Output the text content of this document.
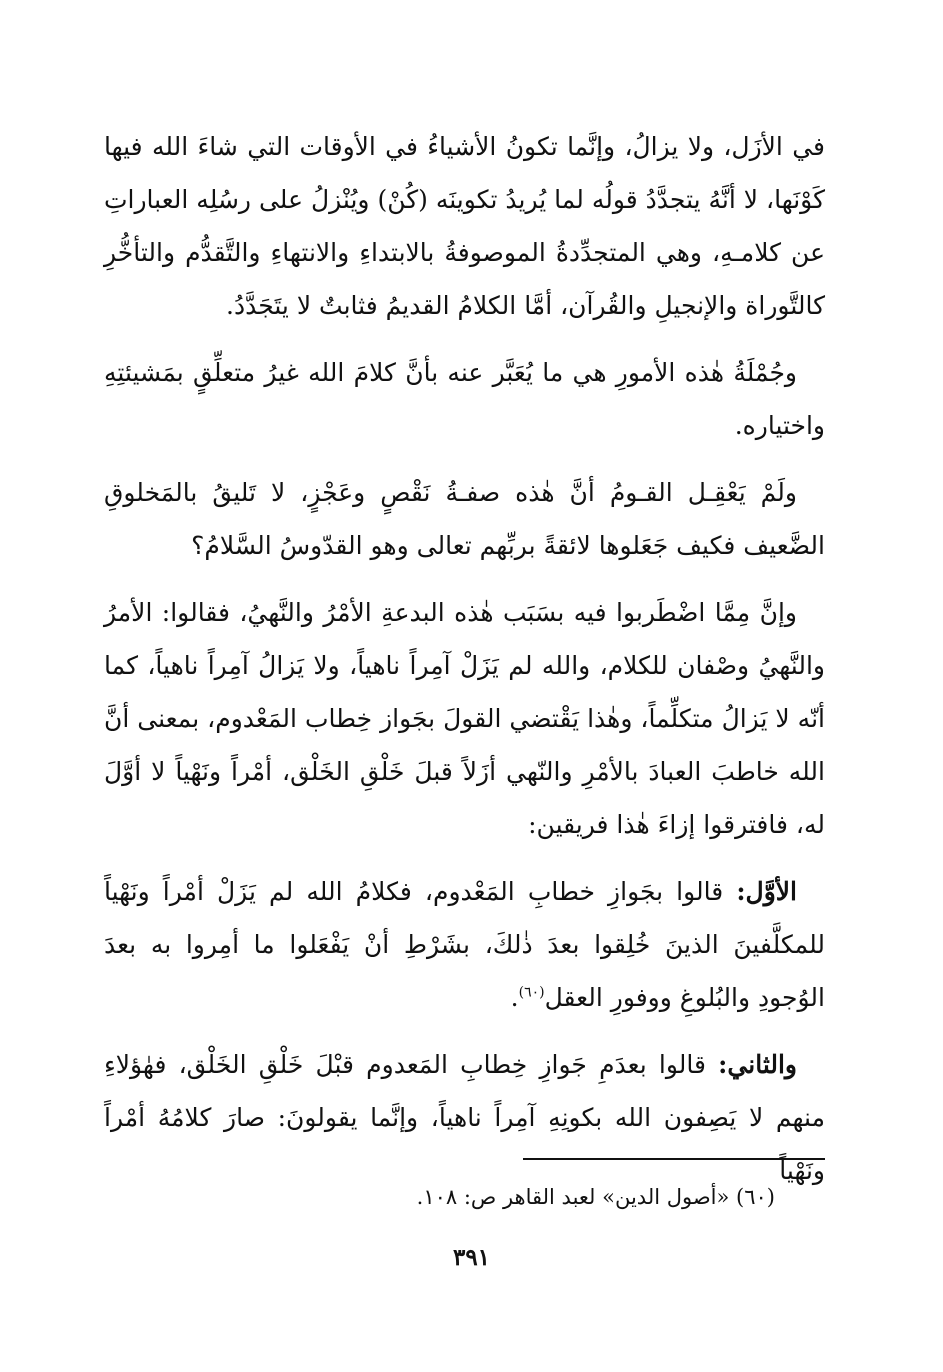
في الأزَل، ولا يزالُ، وإنَّما تكونُ الأشياءُ في الأوقات التي شاءَ الله فيها كَوْنَها، لا أنَّهُ يتجدَّدُ قولُه لما يُريدُ تكوينَه (كُنْ) ويُنْزلُ على رسُلِه العباراتِ عن كلامـهِ، وهي المتجدِّدةُ الموصوفةُ بالابتداءِ والانتهاءِ والتَّقدُّم والتأخُّرِ كالتَّوراة والإنجيلِ والقُرآن، أمَّا الكلامُ القديمُ فثابتٌ لا يتَجَدَّدُ.

وجُمْلَةُ هٰذه الأمورِ هي ما يُعَبَّر عنه بأنَّ كلامَ الله غيرُ متعلِّقٍ بمَشيئتِهِ واختياره.

ولَمْ يَعْقِـل القـومُ أنَّ هٰذه صفـةُ نَقْصٍ وعَجْزٍ، لا تَليقُ بالمَخلوقِ الضَّعيف فكيف جَعَلوها لائقةً بربِّهم تعالى وهو القدّوسُ السَّلامُ؟

وإنَّ مِمَّا اضْطَربوا فيه بسَبَب هٰذه البدعةِ الأمْرُ والنَّهيُ، فقالوا: الأمرُ والنَّهيُ وصْفان للكلام، والله لم يَزَلْ آمِراً ناهياً، ولا يَزالُ آمِراً ناهياً، كما أنّه لا يَزالُ متكلِّماً، وهٰذا يَقْتضي القولَ بجَواز خِطاب المَعْدوم، بمعنى أنَّ الله خاطبَ العبادَ بالأمْرِ والنّهي أزَلاً قبلَ خَلْقِ الخَلْق، أمْراً ونَهْياً لا أوَّلَ له، فافترقوا إزاءَ هٰذا فريقين:

الأوَّل: قالوا بجَوازِ خطابِ المَعْدوم، فكلامُ الله لم يَزَلْ أمْراً ونَهْياً للمكلَّفينَ الذينَ خُلِقوا بعدَ ذٰلكَ، بشَرْطِ أنْ يَفْعَلوا ما أمِروا به بعدَ الوُجودِ والبُلوغِ ووفورِ العقل$^{(٦٠)}$.

والثاني: قالوا بعدَمِ جَوازِ خِطابِ المَعدوم قبْلَ خَلْقِ الخَلْق، فهٰؤلاءِ منهم لا يَصِفون الله بكونِهِ آمِراً ناهياً، وإنَّما يقولونَ: صارَ كلامُهُ أمْراً ونَهْياً

(٦٠) «أصول الدين» لعبد القاهر ص: ١٠٨.
٣٩١
